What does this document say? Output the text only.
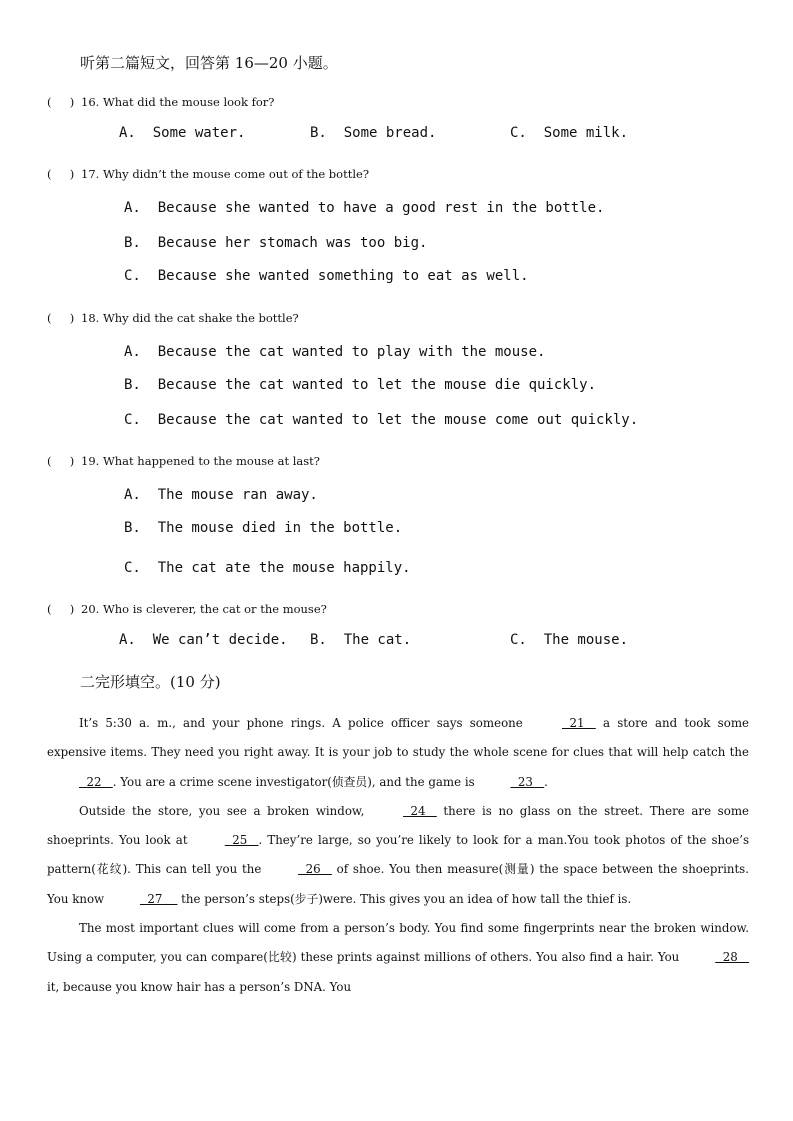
听第二篇短文，回答第 16—20 小题。
(     ) 16. What did the mouse look for?
A.  Some water.	B.  Some bread.	C.  Some milk.
(     ) 17. Why didn’t the mouse come out of the bottle?
A.  Because she wanted to have a good rest in the bottle.
B.  Because her stomach was too big.
C.  Because she wanted something to eat as well.
(     ) 18. Why did the cat shake the bottle?
A.  Because the cat wanted to play with the mouse.
B.  Because the cat wanted to let the mouse die quickly.
C.  Because the cat wanted to let the mouse come out quickly.
(     ) 19. What happened to the mouse at last?
A.  The mouse ran away.
B.  The mouse died in the bottle.
C.  The cat ate the mouse happily.
(     ) 20. Who is cleverer, the cat or the mouse?
A.  We can’t decide. B.  The cat.	C.  The mouse.
二完形填空。(10 分)

It’s 5:30 a. m., and your phone rings. A police officer says someone	21    a store and took some expensive items. They need you right away. It is your job to study the whole scene for clues that will help catch the   22   . You are a crime scene investigator(侦查员), and the game is	23   .

Outside the store, you see a broken window,	24    there is no glass on the street. There are some shoeprints. You look at	25   . They’re large, so you’re likely to look for a man.You took photos of the shoe’s pattern(花纹). This can tell you the	26    of shoe. You then measure(测量) the space between the shoeprints. You know	27     the person’s steps(步子)were. This gives you an idea of how tall the thief is.

The most important clues will come from a person’s body. You find some fingerprints near the broken window. Using a computer, you can compare(比较) these prints against millions of others. You also find a hair. You	28    it, because you know hair has a person’s DNA. You
